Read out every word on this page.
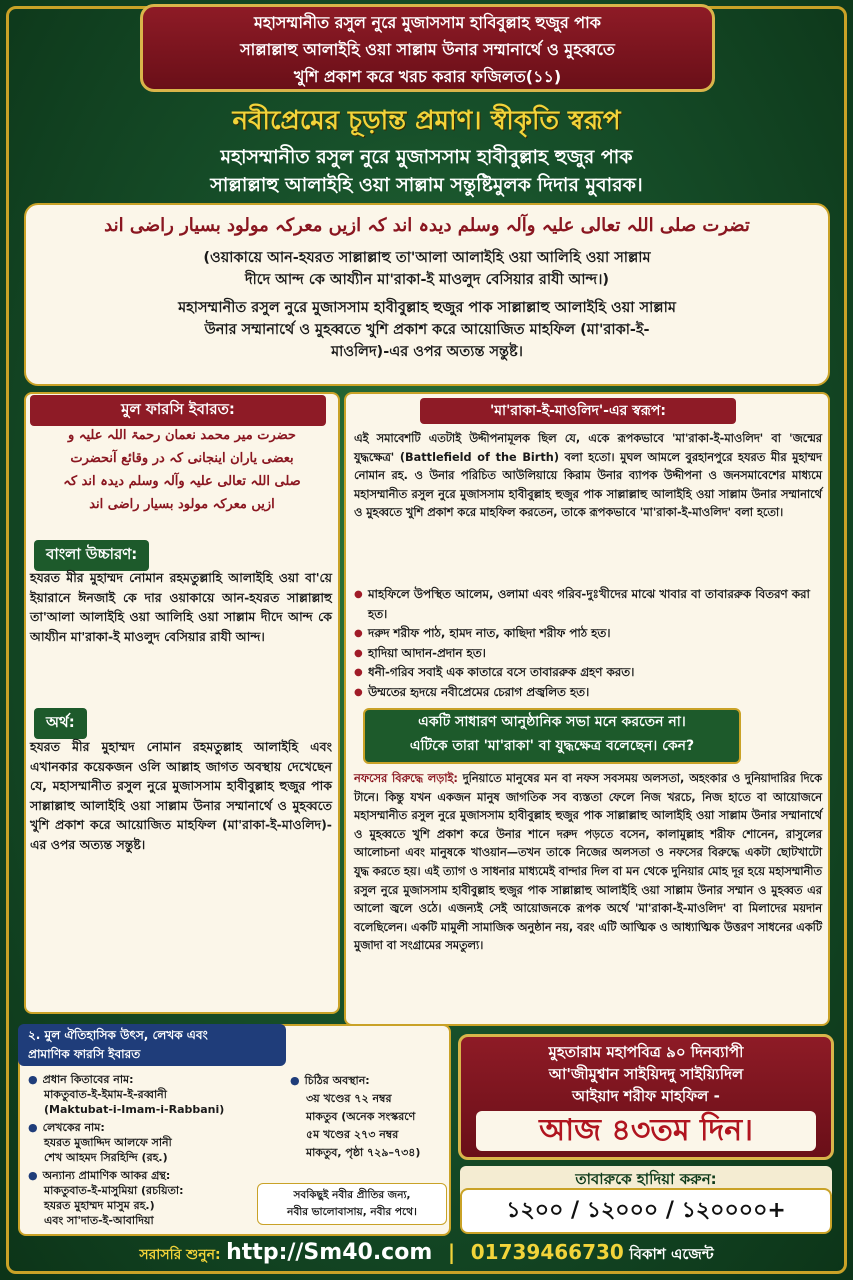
মহাসম্মানীত রসুল নুরে মুজাসসাম হাবিবুল্লাহ হুজুর পাক
সাল্লাল্লাহু আলাইহি ওয়া সাল্লাম উনার সম্মানার্থে ও মুহব্বতে
খুশি প্রকাশ করে খরচ করার ফজিলত(১১)
নবীপ্রেমের চূড়ান্ত প্রমাণ। স্বীকৃতি স্বরূপ
মহাসম্মানীত রসুল নুরে মুজাসসাম হাবীবুল্লাহ হুজুর পাক
সাল্লাল্লাহু আলাইহি ওয়া সাল্লাম সন্তুষ্টিমুলক দিদার মুবারক।
تضرت صلی اللہ تعالی علیہ وآلہ وسلم دیدہ اند کہ ازیں معرکہ مولود بسیار راضی اند
(ওয়াকায়ে আন-হযরত সাল্লাল্লাহু তা'আলা আলাইহি ওয়া আলিহি ওয়া সাল্লাম
দীদে আন্দ কে আয্যীন মা'রাকা-ই মাওলুদ বেসিয়ার রাযী আন্দ।)
মহাসম্মানীত রসুল নুরে মুজাসসাম হাবীবুল্লাহ হুজুর পাক সাল্লাল্লাহু আলাইহি ওয়া সাল্লাম
উনার সম্মানার্থে ও মুহব্বতে খুশি প্রকাশ করে আয়োজিত মাহফিল (মা'রাকা-ই-
মাওলিদ)-এর ওপর অত্যন্ত সন্তুষ্ট।
মুল ফারসি ইবারত:
حضرت میر محمد نعمان رحمۃ اللہ علیہ و
بعضی یاران اینجانی کہ در وقائع آنحضرت
صلی اللہ تعالی علیہ وآلہ وسلم دیدہ اند کہ
ازیں معرکہ مولود بسیار راضی اند
বাংলা উচ্চারণ:
হযরত মীর মুহাম্মদ নোমান রহমতুল্লাহি আলাইহি ওয়া বা'য়ে ইয়ারানে ঈনজাই কে দার ওয়াকায়ে আন-হযরত সাল্লাল্লাহু তা'আলা আলাইহি ওয়া আলিহি ওয়া সাল্লাম দীদে আন্দ কে আয্যীন মা'রাকা-ই মাওলুদ বেসিয়ার রাযী আন্দ।
অর্থ:
হযরত মীর মুহাম্মদ নোমান রহমতুল্লাহ আলাইহি এবং এখানকার কয়েকজন ওলি আল্লাহ জাগত অবস্থায় দেখেছেন যে, মহাসম্মানীত রসুল নুরে মুজাসসাম হাবীবুল্লাহ হুজুর পাক সাল্লাল্লাহু আলাইহি ওয়া সাল্লাম উনার সম্মানার্থে ও মুহব্বতে খুশি প্রকাশ করে আয়োজিত মাহফিল (মা'রাকা-ই-মাওলিদ)-এর ওপর অত্যন্ত সন্তুষ্ট।
'মা'রাকা-ই-মাওলিদ'-এর স্বরূপ:
এই সমাবেশটি এতটাই উদ্দীপনামূলক ছিল যে, একে রূপকভাবে 'মা'রাকা-ই-মাওলিদ' বা 'জন্মের যুদ্ধক্ষেত্র' (Battlefield of the Birth) বলা হতো। মুঘল আমলে বুরহানপুরে হযরত মীর মুহাম্মদ নোমান রহ. ও উনার পরিচিত আউলিয়ায়ে কিরাম উনার ব্যাপক উদ্দীপনা ও জনসমাবেশের মাধ্যমে মহাসম্মানীত রসুল নুরে মুজাসসাম হাবীবুল্লাহ হুজুর পাক সাল্লাল্লাহু আলাইহি ওয়া সাল্লাম উনার সম্মানার্থে ও মুহব্বতে খুশি প্রকাশ করে মাহফিল করতেন, তাকে রূপকভাবে 'মা'রাকা-ই-মাওলিদ' বলা হতো।
● মাহফিলে উপস্থিত আলেম, ওলামা এবং গরিব-দুঃখীদের মাঝে খাবার বা তাবাররুক বিতরণ করা হত।
● দরুদ শরীফ পাঠ, হামদ নাত, কাছিদা শরীফ পাঠ হত।
● হাদিয়া আদান-প্রদান হত।
● ধনী-গরিব সবাই এক কাতারে বসে তাবাররুক গ্রহণ করত।
● উম্মতের হৃদয়ে নবীপ্রেমের চেরাগ প্রজ্বলিত হত।
একটি সাধারণ আনুষ্ঠানিক সভা মনে করতেন না।
এটিকে তারা 'মা'রাকা' বা যুদ্ধক্ষেত্র বলেছেন। কেন?
নফসের বিরুদ্ধে লড়াই: দুনিয়াতে মানুষের মন বা নফস সবসময় অলসতা, অহংকার ও দুনিয়াদারির দিকে টানে। কিন্তু যখন একজন মানুষ জাগতিক সব ব্যস্ততা ফেলে নিজ খরচে, নিজ হাতে বা আয়োজনে মহাসম্মানীত রসুল নুরে মুজাসসাম হাবীবুল্লাহ হুজুর পাক সাল্লাল্লাহু আলাইহি ওয়া সাল্লাম উনার সম্মানার্থে ও মুহব্বতে খুশি প্রকাশ করে উনার শানে দরুদ পড়তে বসেন, কালামুল্লাহ শরীফ শোনেন, রাসুলের আলোচনা এবং মানুষকে খাওয়ান—তখন তাকে নিজের অলসতা ও নফসের বিরুদ্ধে একটা ছোটখাটো যুদ্ধ করতে হয়। এই ত্যাগ ও সাধনার মাধ্যমেই বান্দার দিল বা মন থেকে দুনিয়ার মোহ দূর হয়ে মহাসম্মানীত রসুল নুরে মুজাসসাম হাবীবুল্লাহ হুজুর পাক সাল্লাল্লাহু আলাইহি ওয়া সাল্লাম উনার সম্মান ও মুহব্বত এর আলো জ্বলে ওঠে। এজন্যই সেই আয়োজনকে রূপক অর্থে 'মা'রাকা-ই-মাওলিদ' বা মিলাদের ময়দান বলেছিলেন। একটি মামুলী সামাজিক অনুষ্ঠান নয়, বরং এটি আত্মিক ও আধ্যাত্মিক উত্তরণ সাধনের একটি মুজাদা বা সংগ্রামের সমতুল্য।
২. মুল ঐতিহাসিক উৎস, লেখক এবং
প্রামাণিক ফারসি ইবারত
● প্রধান কিতাবের নাম:
মাকতুবাত-ই-ইমাম-ই-রব্বানী
(Maktubat-i-Imam-i-Rabbani)
● লেখকের নাম:
হযরত মুজাদ্দিদ আলফে সানী
শেখ আহমদ সিরহিন্দি (রহ.)
● অন্যান্য প্রামাণিক আকর গ্রন্থ:
মাকতুবাত-ই-মাসুমিয়া (রচয়িতা:
হযরত মুহাম্মদ মাসুম রহ.)
এবং সা'দাত-ই-আবাদিয়া
● চিঠির অবস্থান:
৩য় খণ্ডের ৭২ নম্বর
মাকতুব (অনেক সংস্করণে
৫ম খণ্ডের ২৭৩ নম্বর
মাকতুব, পৃষ্ঠা ৭২৯–৭৩৪)
সবকিছুই নবীর প্রীতির জন্য,
নবীর ভালোবাসায়, নবীর পথে।
মুহতারাম মহাপবিত্র ৯০ দিনব্যাপী
আ'জীমুশ্বান সাইয়িদদু সাইয়্যিদিল
আইয়াদ শরীফ মাহফিল -
আজ ৪৩তম দিন।
তাবারুকে হাদিয়া করুন:
১২০০ / ১২০০০ / ১২০০০০+
সরাসরি শুনুন: http://Sm40.com | 01739466730 বিকাশ এজেন্ট
